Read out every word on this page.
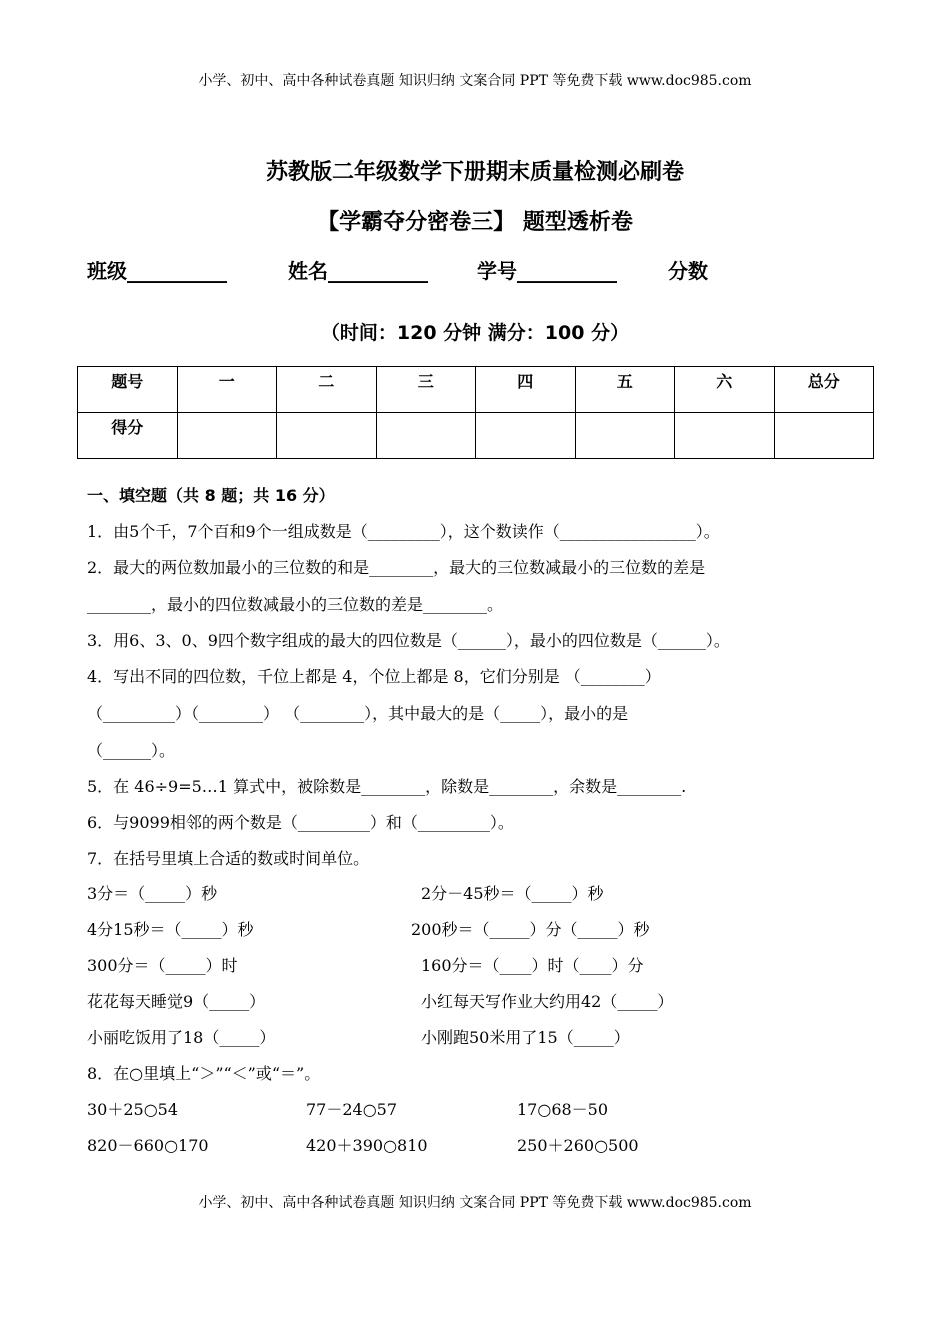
小学、初中、高中各种试卷真题 知识归纳 文案合同 PPT 等免费下载 www.doc985.com
苏教版二年级数学下册期末质量检测必刷卷
【学霸夺分密卷三】 题型透析卷
班级__________	姓名__________ 学号__________	分数
（时间：120 分钟 满分：100 分）
题号	一	二	三	四	五	六	总分
得分							
一、填空题（共 8 题；共 16 分）
1．由5个千，7个百和9个一组成数是（_________），这个数读作（_________________）。
2．最大的两位数加最小的三位数的和是________，最大的三位数减最小的三位数的差是
________，最小的四位数减最小的三位数的差是________。
3．用6、3、0、9四个数字组成的最大的四位数是（______），最小的四位数是（______）。
4．写出不同的四位数，千位上都是 4，个位上都是 8，它们分别是 （________）
（_________）（________） （________），其中最大的是（_____），最小的是
（______）。
5．在 46÷9=5…1 算式中，被除数是________，除数是________，余数是________.
6．与9099相邻的两个数是（_________）和（_________）。
7．在括号里填上合适的数或时间单位。
3分＝（_____）秒	2分－45秒＝（_____）秒
4分15秒＝（_____）秒	200秒＝（_____）分（_____）秒
300分＝（_____）时	160分＝（____）时（____）分
花花每天睡觉9（_____）	小红每天写作业大约用42（_____）
小丽吃饭用了18（_____）	小刚跑50米用了15（_____）
8．在○里填上“＞”“＜”或“＝”。
30＋25○54	77－24○57	17○68－50
820－660○170	420＋390○810	250＋260○500
小学、初中、高中各种试卷真题 知识归纳 文案合同 PPT 等免费下载 www.doc985.com
